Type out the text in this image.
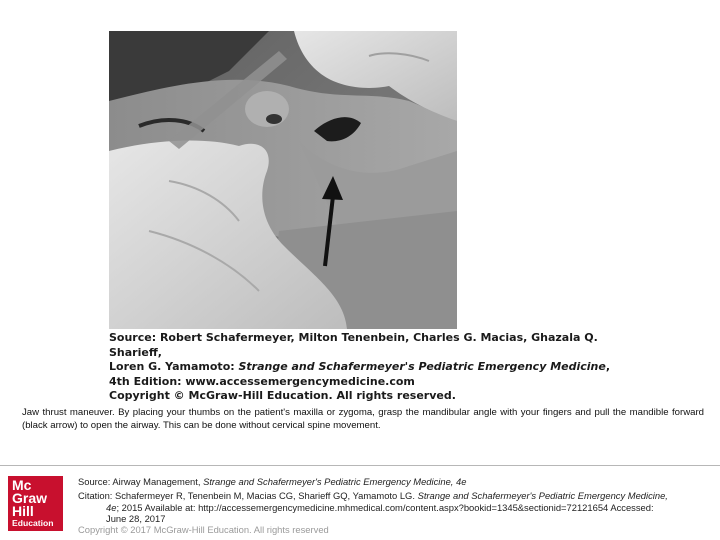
Source: Robert Schafermeyer, Milton Tenenbein, Charles G. Macias, Ghazala Q. Sharieff,
Loren G. Yamamoto: Strange and Schafermeyer's Pediatric Emergency Medicine,
4th Edition: www.accessemergencymedicine.com
Copyright © McGraw-Hill Education. All rights reserved.
Jaw thrust maneuver. By placing your thumbs on the patient's maxilla or zygoma, grasp the mandibular angle with your fingers and pull the mandible forward (black arrow) to open the airway. This can be done without cervical spine movement.
Mc
Graw
Hill
Education
Source: Airway Management, Strange and Schafermeyer's Pediatric Emergency Medicine, 4e
Citation: Schafermeyer R, Tenenbein M, Macias CG, Sharieff GQ, Yamamoto LG. Strange and Schafermeyer's Pediatric Emergency Medicine,
4e; 2015 Available at: http://accessemergencymedicine.mhmedical.com/content.aspx?bookid=1345&sectionid=72121654 Accessed:
June 28, 2017
Copyright © 2017 McGraw-Hill Education. All rights reserved
